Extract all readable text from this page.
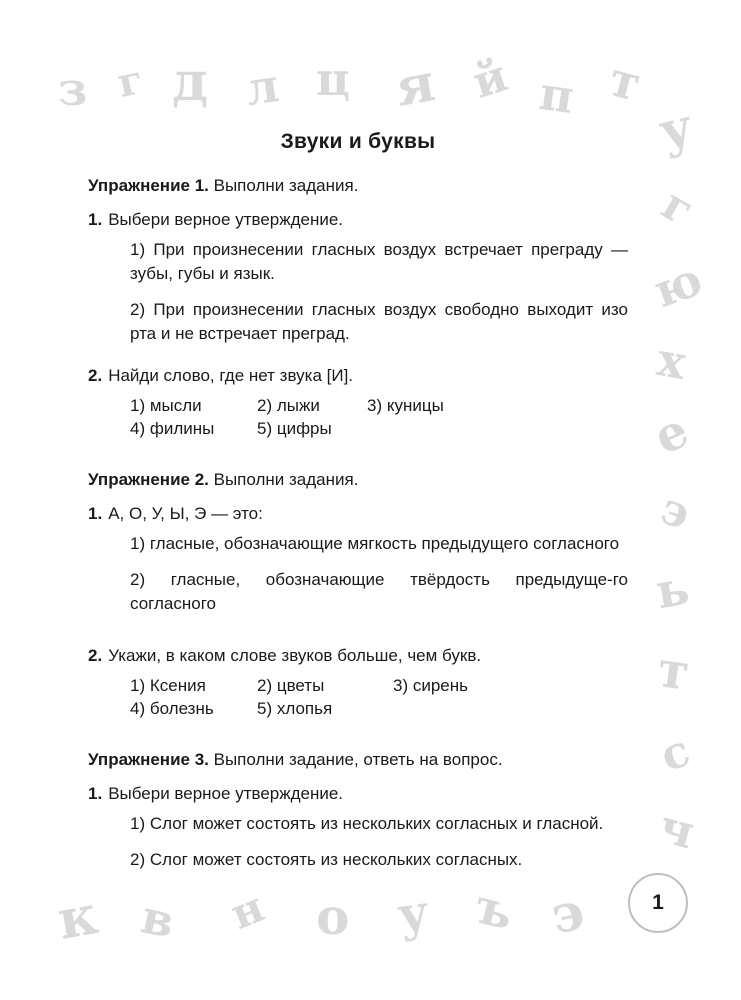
з г д л ц я й п т
у
г
ю
х
е
э
ь
т
с
ч
к в н о у ъ э
Звуки и буквы
Упражнение 1. Выполни задания.
1. Выбери верное утверждение.
1) При произнесении гласных воздух встречает преграду — зубы, губы и язык.
2) При произнесении гласных воздух свободно выходит изо рта и не встречает преград.
2. Найди слово, где нет звука [И].
1) мысли	2) лыжи	3) куницы
4) филины	5) цифры
Упражнение 2. Выполни задания.
1. А, О, У, Ы, Э — это:
1) гласные, обозначающие мягкость предыдущего согласного
2) гласные, обозначающие твёрдость предыдуще-го согласного
2. Укажи, в каком слове звуков больше, чем букв.
1) Ксения	2) цветы	3) сирень
4) болезнь	5) хлопья
Упражнение 3. Выполни задание, ответь на вопрос.
1. Выбери верное утверждение.
1) Слог может состоять из нескольких согласных и гласной.
2) Слог может состоять из нескольких согласных.
1
